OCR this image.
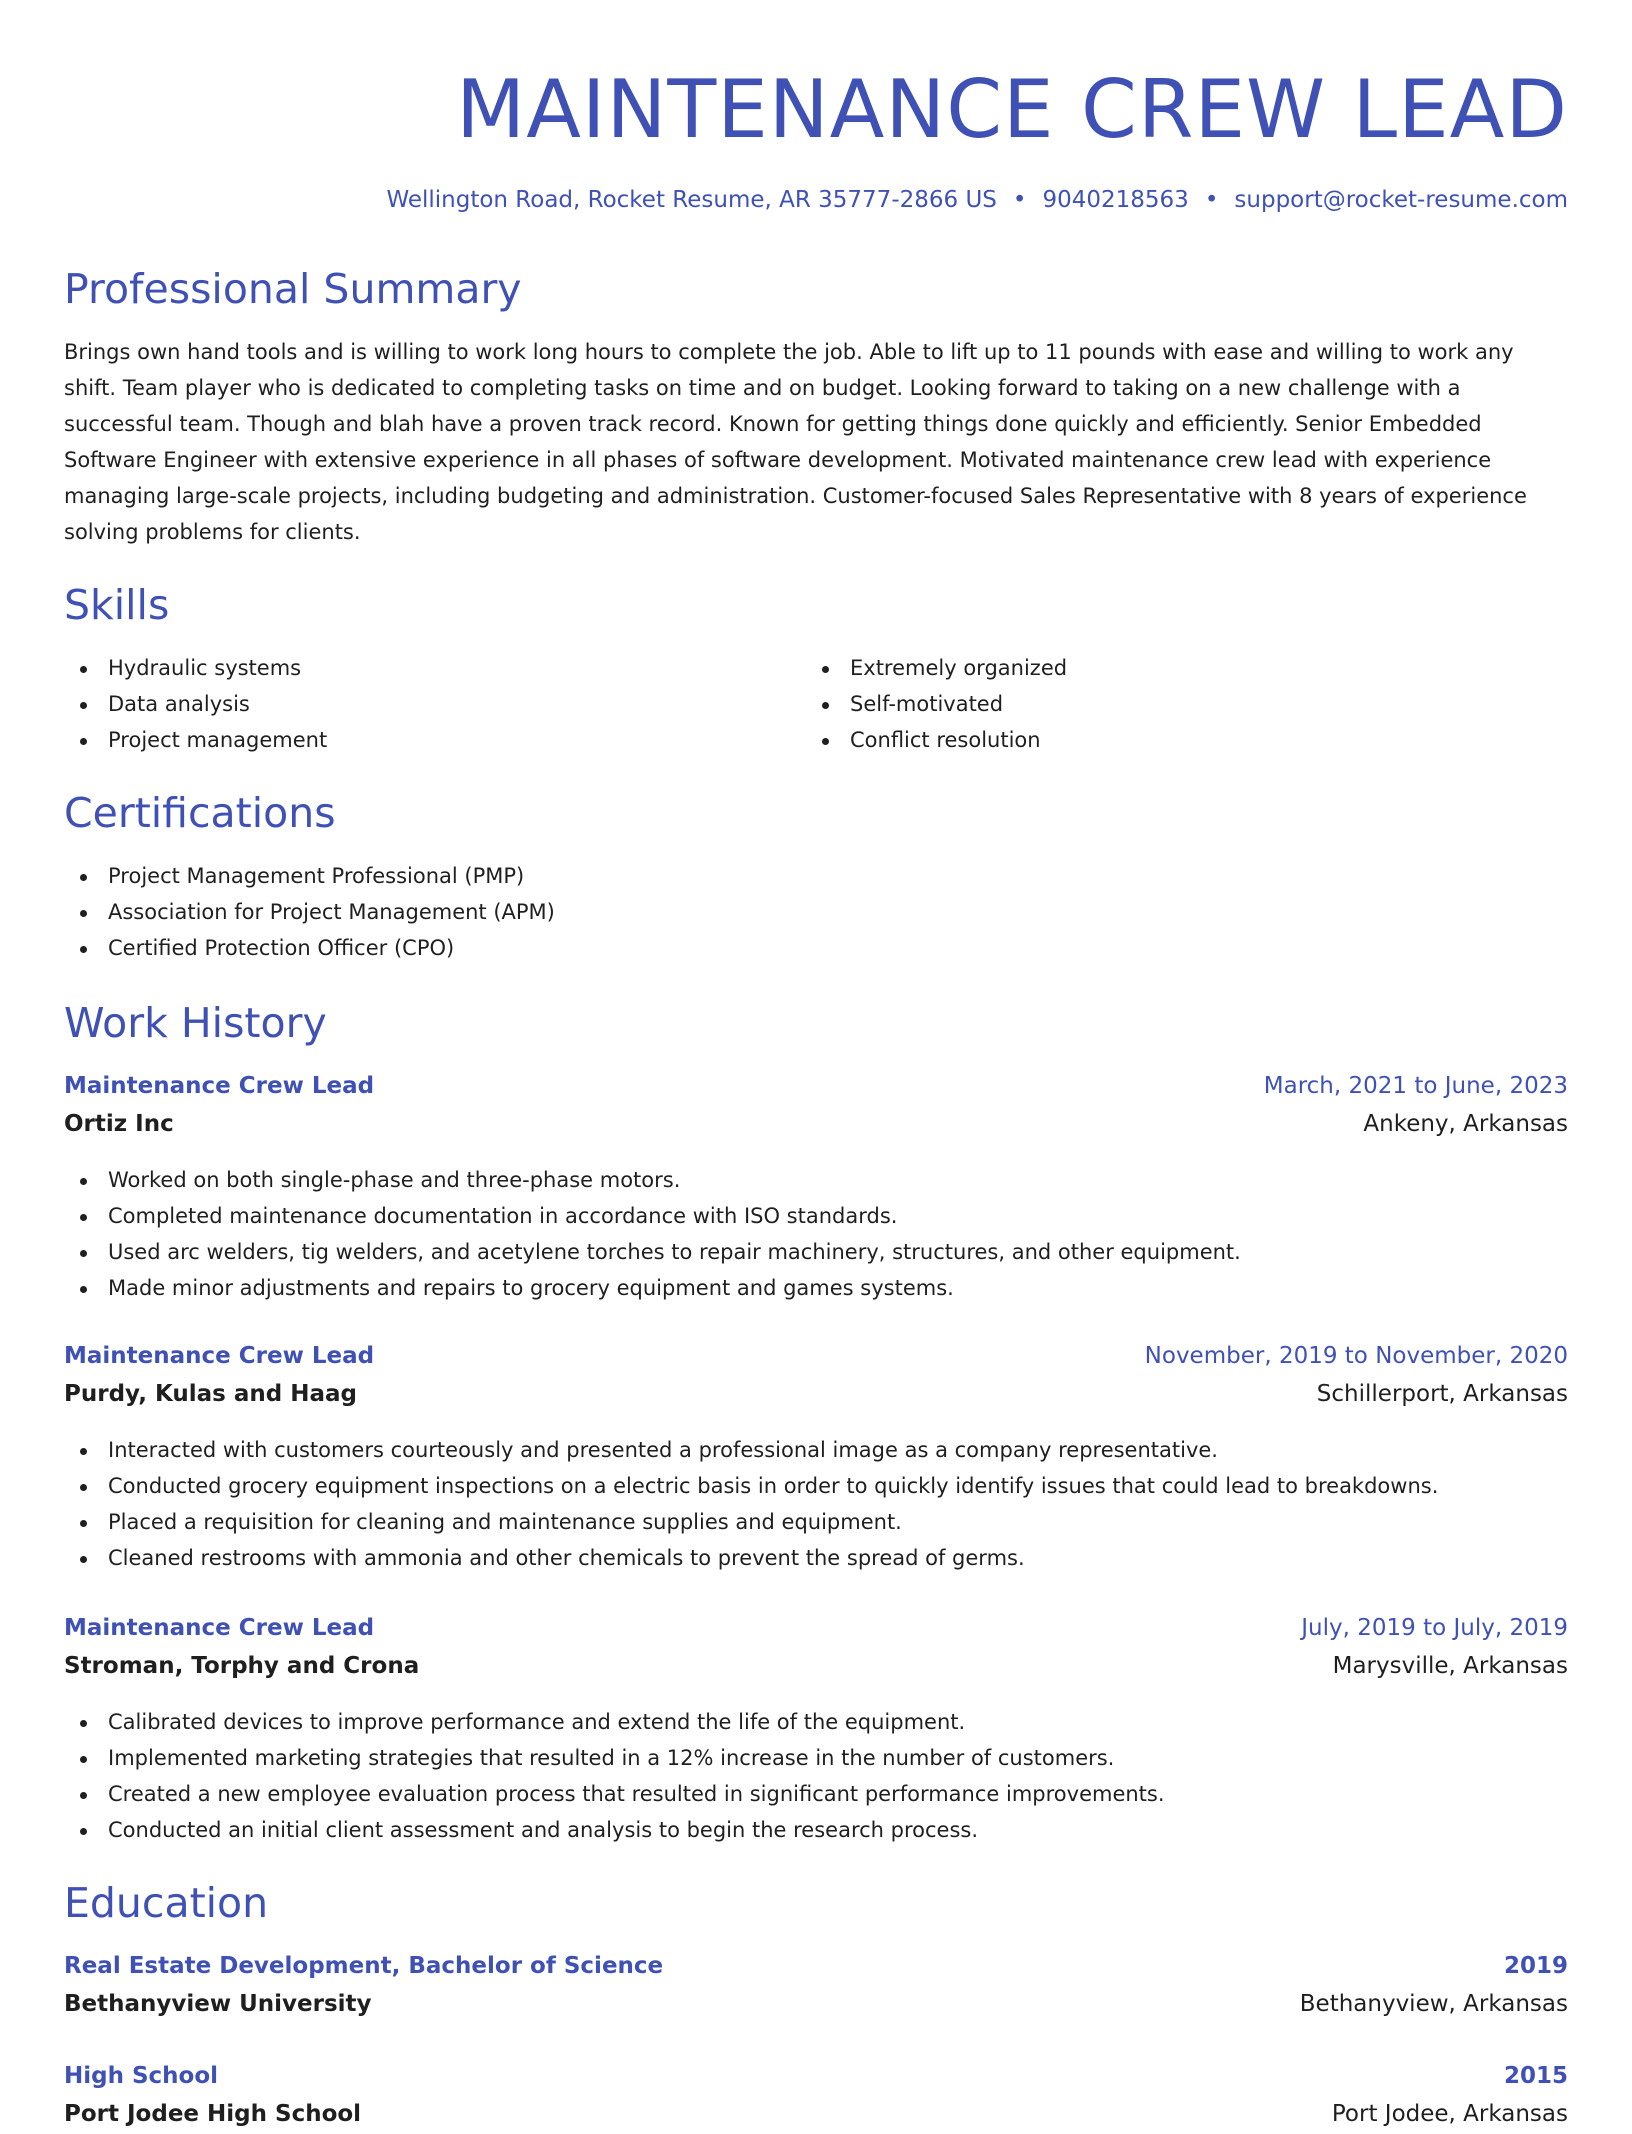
MAINTENANCE CREW LEAD
Wellington Road, Rocket Resume, AR 35777-2866 US • 9040218563 • support@rocket-resume.com
Professional Summary
Brings own hand tools and is willing to work long hours to complete the job. Able to lift up to 11 pounds with ease and willing to work any shift. Team player who is dedicated to completing tasks on time and on budget. Looking forward to taking on a new challenge with a successful team. Though and blah have a proven track record. Known for getting things done quickly and efficiently. Senior Embedded Software Engineer with extensive experience in all phases of software development. Motivated maintenance crew lead with experience managing large-scale projects, including budgeting and administration. Customer-focused Sales Representative with 8 years of experience solving problems for clients.
Skills
Hydraulic systems
Data analysis
Project management
Extremely organized
Self-motivated
Conflict resolution
Certifications
Project Management Professional (PMP)
Association for Project Management (APM)
Certified Protection Officer (CPO)
Work History
Maintenance Crew Lead	March, 2021 to June, 2023
Ortiz Inc	Ankeny, Arkansas
Worked on both single-phase and three-phase motors.
Completed maintenance documentation in accordance with ISO standards.
Used arc welders, tig welders, and acetylene torches to repair machinery, structures, and other equipment.
Made minor adjustments and repairs to grocery equipment and games systems.
Maintenance Crew Lead	November, 2019 to November, 2020
Purdy, Kulas and Haag	Schillerport, Arkansas
Interacted with customers courteously and presented a professional image as a company representative.
Conducted grocery equipment inspections on a electric basis in order to quickly identify issues that could lead to breakdowns.
Placed a requisition for cleaning and maintenance supplies and equipment.
Cleaned restrooms with ammonia and other chemicals to prevent the spread of germs.
Maintenance Crew Lead	July, 2019 to July, 2019
Stroman, Torphy and Crona	Marysville, Arkansas
Calibrated devices to improve performance and extend the life of the equipment.
Implemented marketing strategies that resulted in a 12% increase in the number of customers.
Created a new employee evaluation process that resulted in significant performance improvements.
Conducted an initial client assessment and analysis to begin the research process.
Education
Real Estate Development, Bachelor of Science	2019
Bethanyview University	Bethanyview, Arkansas
High School	2015
Port Jodee High School	Port Jodee, Arkansas
